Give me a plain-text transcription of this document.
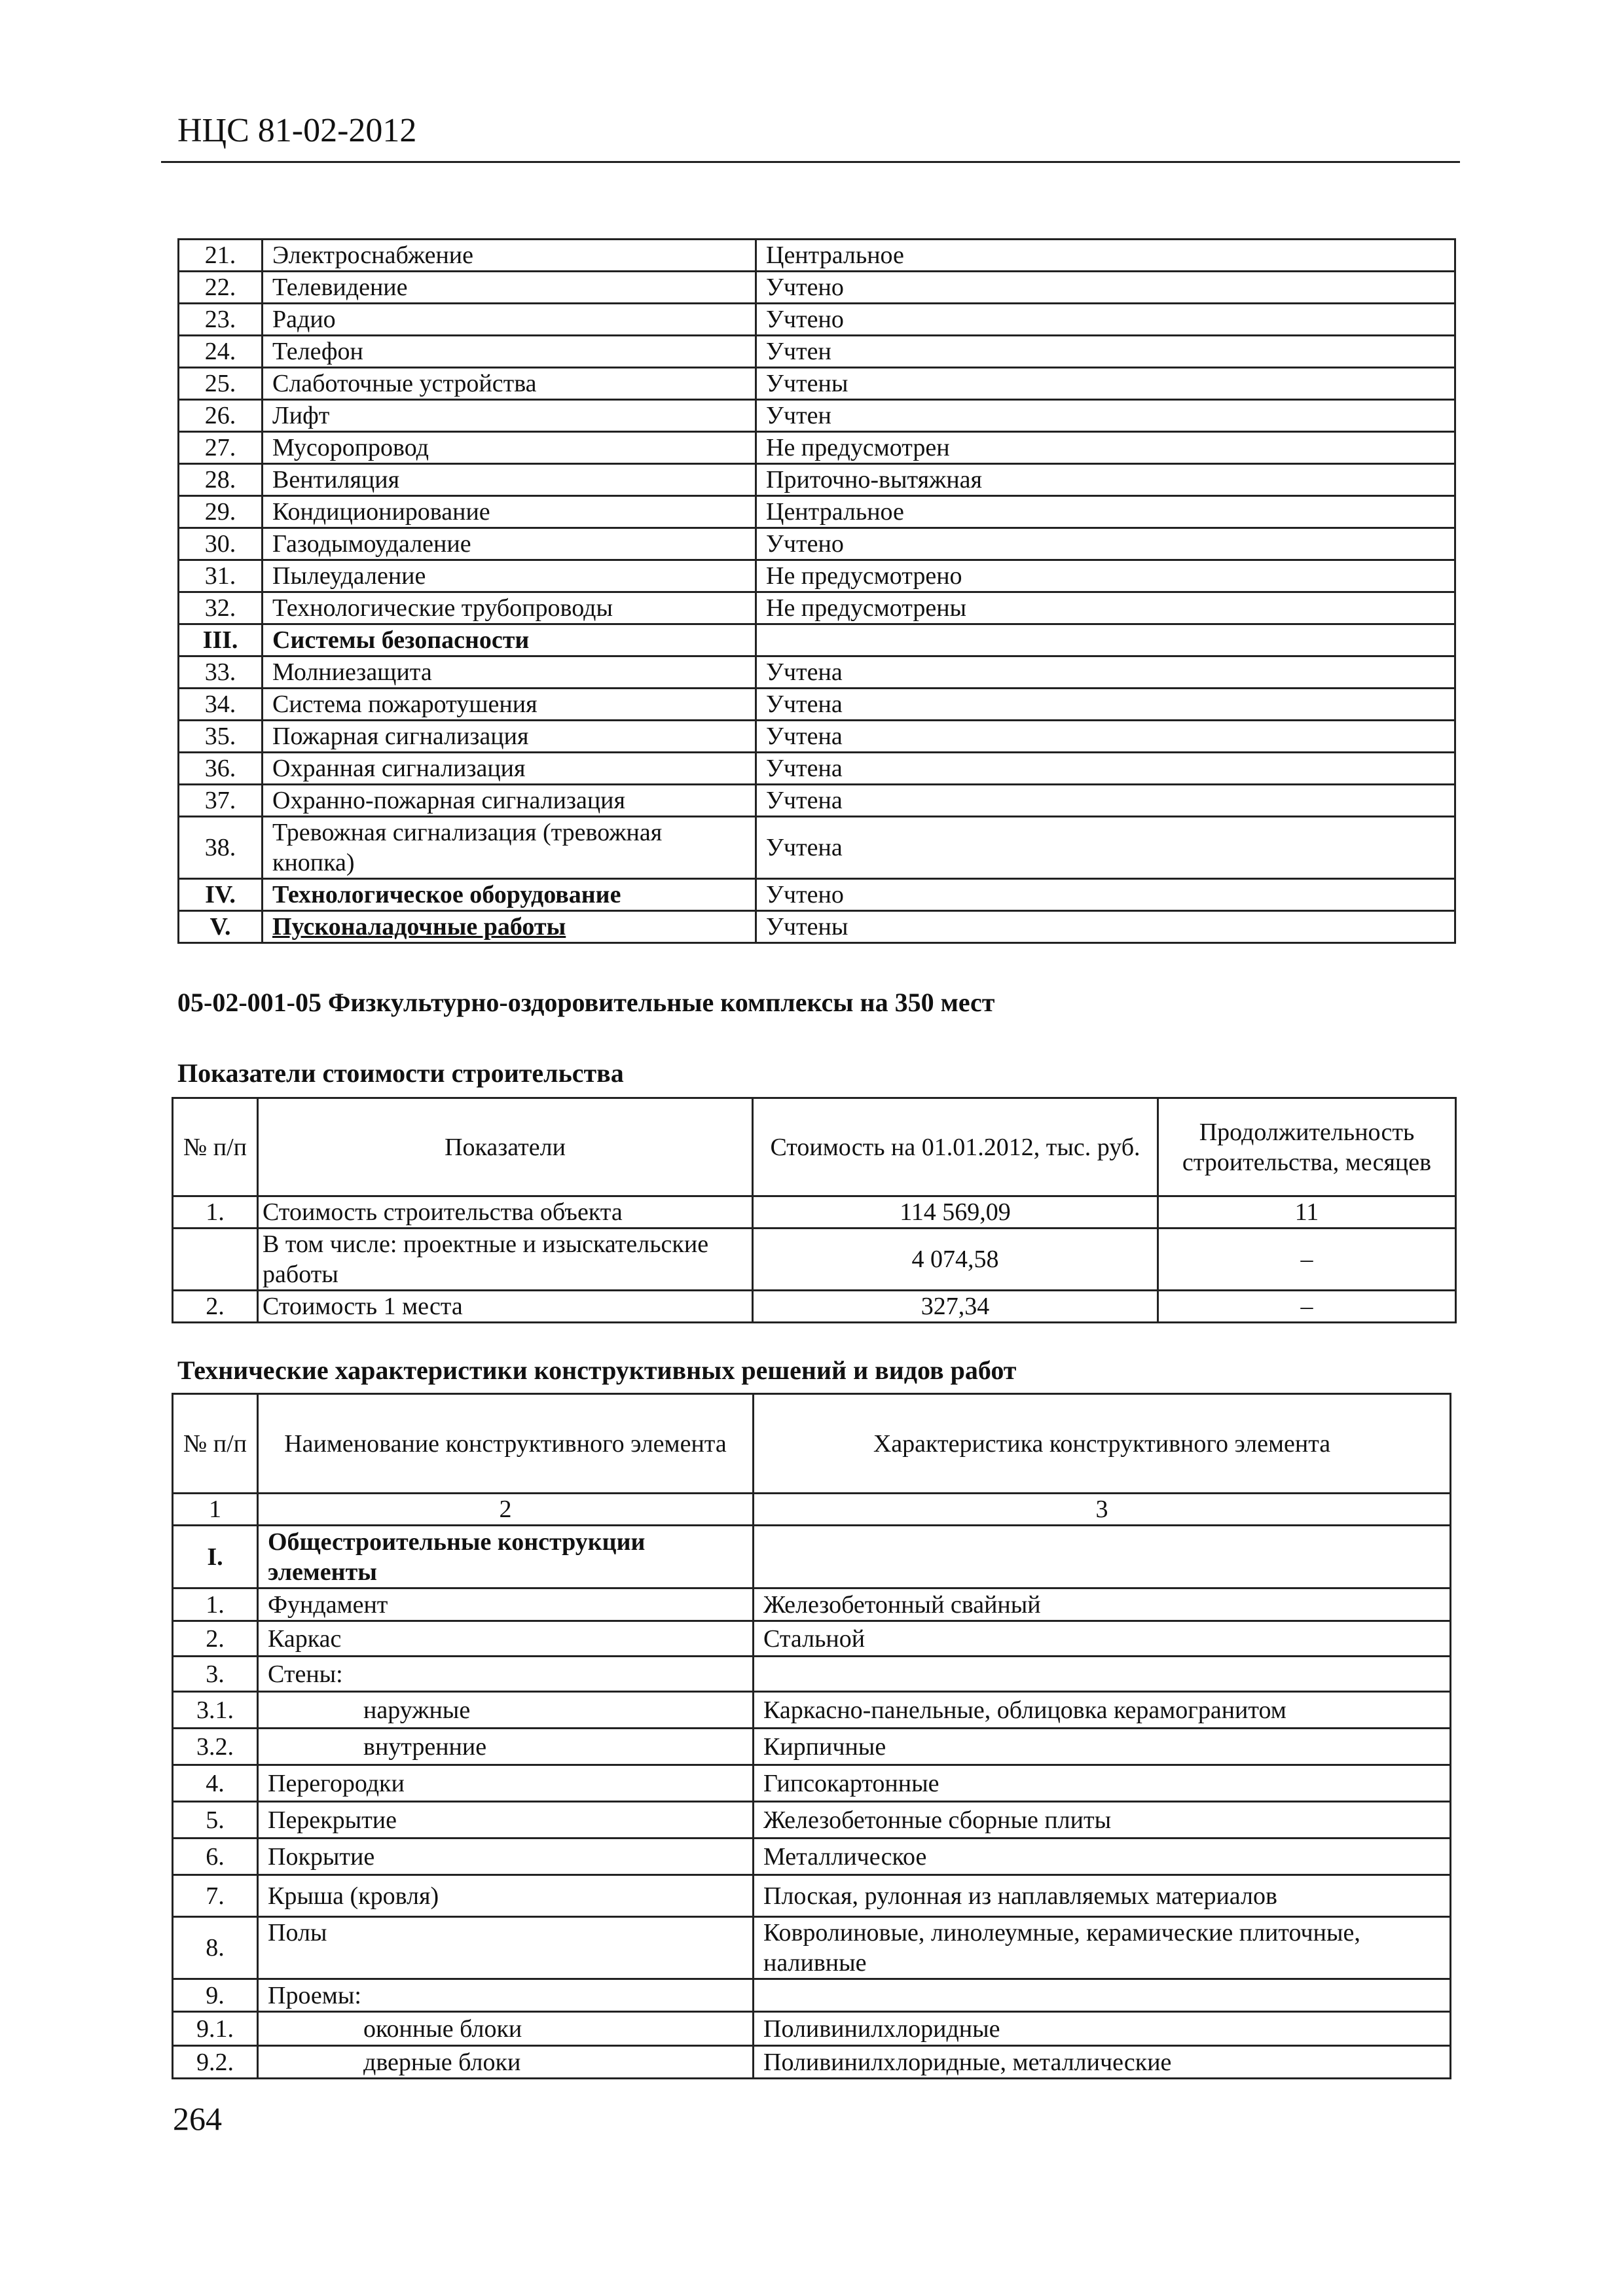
НЦС 81-02-2012
21.	Электроснабжение	Центральное
22.	Телевидение	Учтено
23.	Радио	Учтено
24.	Телефон	Учтен
25.	Слаботочные устройства	Учтены
26.	Лифт	Учтен
27.	Мусоропровод	Не предусмотрен
28.	Вентиляция	Приточно-вытяжная
29.	Кондиционирование	Центральное
30.	Газодымоудаление	Учтено
31.	Пылеудаление	Не предусмотрено
32.	Технологические трубопроводы	Не предусмотрены
III.	Системы безопасности	
33.	Молниезащита	Учтена
34.	Система пожаротушения	Учтена
35.	Пожарная сигнализация	Учтена
36.	Охранная сигнализация	Учтена
37.	Охранно-пожарная сигнализация	Учтена
38.	Тревожная сигнализация (тревожная кнопка)	Учтена
IV.	Технологическое оборудование	Учтено
V.	Пусконаладочные работы	Учтены
05-02-001-05 Физкультурно-оздоровительные комплексы на 350 мест
Показатели стоимости строительства
№ п/п	Показатели	Стоимость на 01.01.2012, тыс. руб.	Продолжительность строительства, месяцев
1.	Стоимость строительства объекта	114 569,09	11
	В том числе: проектные и изыскательские работы	4 074,58	–
2.	Стоимость 1 места	327,34	–
Технические характеристики конструктивных решений и видов работ
№ п/п	Наименование конструктивного элемента	Характеристика конструктивного элемента
1	2	3
I.	Общестроительные конструкции элементы	
1.	Фундамент	Железобетонный свайный
2.	Каркас	Стальной
3.	Стены:	
3.1.	наружные	Каркасно-панельные, облицовка керамогранитом
3.2.	внутренние	Кирпичные
4.	Перегородки	Гипсокартонные
5.	Перекрытие	Железобетонные сборные плиты
6.	Покрытие	Металлическое
7.	Крыша (кровля)	Плоская, рулонная из наплавляемых материалов
8.	Полы	Ковролиновые, линолеумные, керамические плиточные, наливные
9.	Проемы:	
9.1.	оконные блоки	Поливинилхлоридные
9.2.	дверные блоки	Поливинилхлоридные, металлические
264
